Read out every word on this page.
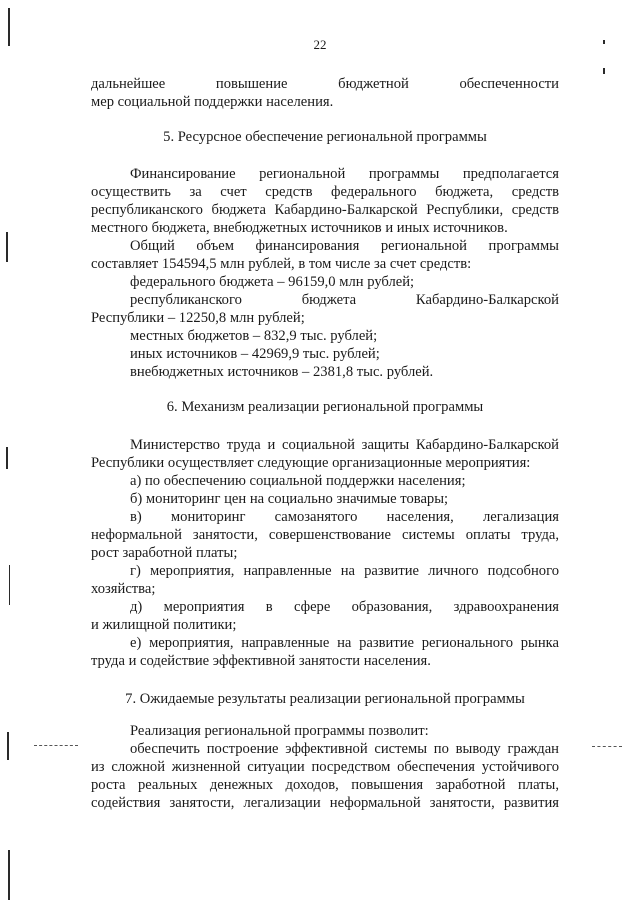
22
дальнейшее повышение бюджетной обеспеченности
мер социальной поддержки населения.
5. Ресурсное обеспечение региональной программы
Финансирование региональной программы предполагается
осуществить за счет средств федерального бюджета, средств
республиканского бюджета Кабардино-Балкарской Республики, средств
местного бюджета, внебюджетных источников и иных источников.
Общий объем финансирования региональной программы
составляет 154594,5 млн рублей, в том числе за счет средств:
федерального бюджета – 96159,0 млн рублей;
республиканского бюджета Кабардино-Балкарской
Республики – 12250,8 млн рублей;
местных бюджетов – 832,9 тыс. рублей;
иных источников – 42969,9 тыс. рублей;
внебюджетных источников – 2381,8 тыс. рублей.
6. Механизм реализации региональной программы
Министерство труда и социальной защиты Кабардино-Балкарской
Республики осуществляет следующие организационные мероприятия:
а) по обеспечению социальной поддержки населения;
б) мониторинг цен на социально значимые товары;
в) мониторинг самозанятого населения, легализация
неформальной занятости, совершенствование системы оплаты труда,
рост заработной платы;
г) мероприятия, направленные на развитие личного подсобного
хозяйства;
д) мероприятия в сфере образования, здравоохранения
и жилищной политики;
е) мероприятия, направленные на развитие регионального рынка
труда и содействие эффективной занятости населения.
7. Ожидаемые результаты реализации региональной программы
Реализация региональной программы позволит:
обеспечить построение эффективной системы по выводу граждан
из сложной жизненной ситуации посредством обеспечения устойчивого
роста реальных денежных доходов, повышения заработной платы,
содействия занятости, легализации неформальной занятости, развития
